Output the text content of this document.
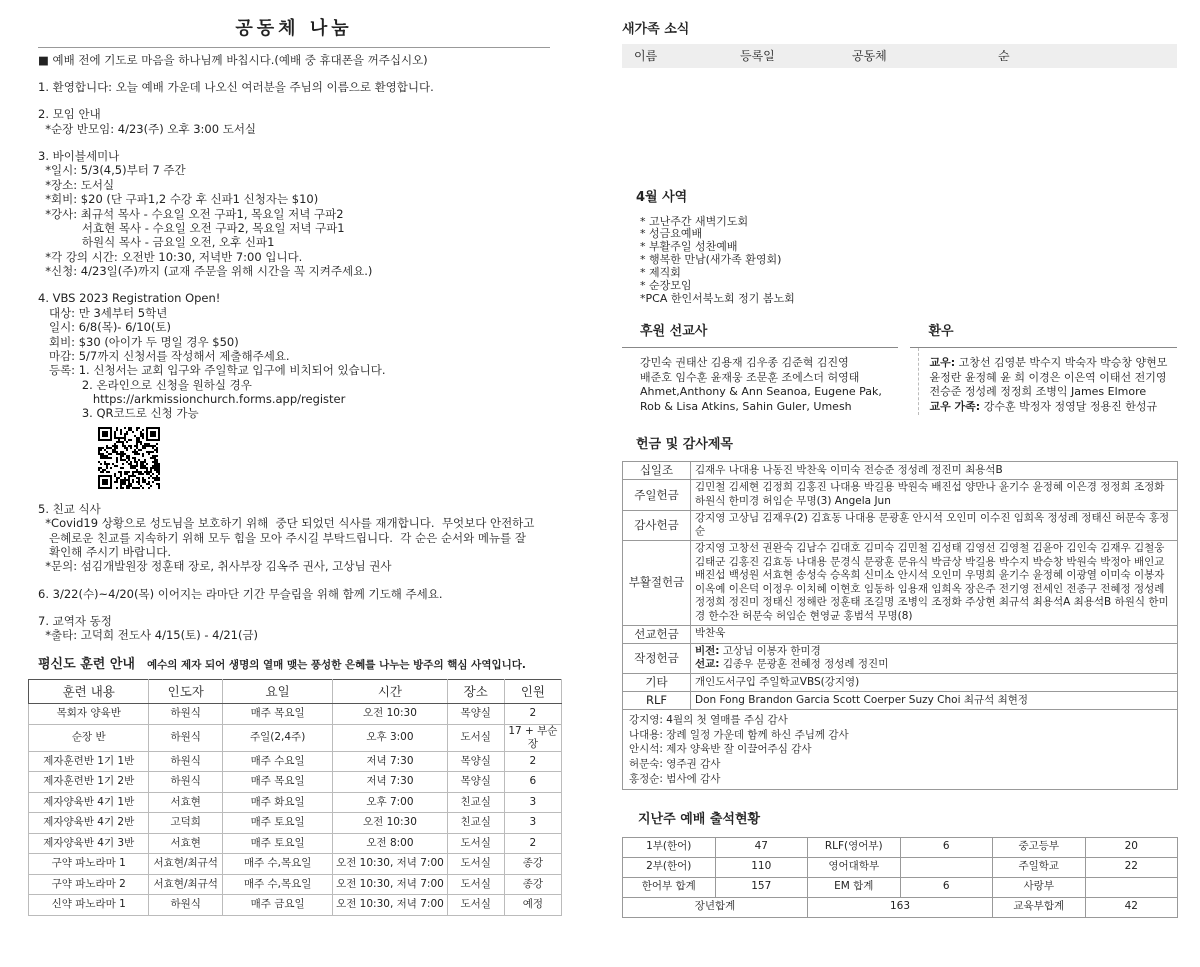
공동체 나눔
■ 예배 전에 기도로 마음을 하나님께 바칩시다.(예배 중 휴대폰을 꺼주십시오)

1. 환영합니다: 오늘 예배 가운데 나오신 여러분을 주님의 이름으로 환영합니다.

2. 모임 안내

*순장 반모임: 4/23(주) 오후 3:00 도서실

3. 바이블세미나

*일시: 5/3(4,5)부터 7 주간

*장소: 도서실

*회비: $20 (단 구파1,2 수강 후 신파1 신청자는 $10)

*강사: 최규석 목사 - 수요일 오전 구파1, 목요일 저녁 구파2

서효현 목사 - 수요일 오전 구파2, 목요일 저녁 구파1

하원식 목사 - 금요일 오전, 오후 신파1

*각 강의 시간: 오전반 10:30, 저녁반 7:00 입니다.

*신청: 4/23일(주)까지 (교재 주문을 위해 시간을 꼭 지켜주세요.)

4. VBS 2023 Registration Open!

대상: 만 3세부터 5학년

일시: 6/8(목)- 6/10(토)

회비: $30 (아이가 두 명일 경우 $50)

마감: 5/7까지 신청서를 작성해서 제출해주세요.

등록: 1. 신청서는 교회 입구와 주일학교 입구에 비치되어 있습니다.

2. 온라인으로 신청을 원하실 경우

https://arkmissionchurch.forms.app/register

3. QR코드로 신청 가능

5. 친교 식사

*Covid19 상황으로 성도님을 보호하기 위해  중단 되었던 식사를 재개합니다.  무엇보다 안전하고

은혜로운 친교를 지속하기 위해 모두 힘을 모아 주시길 부탁드립니다.  각 순은 순서와 메뉴를 잘

확인해 주시기 바랍니다.

*문의: 섬김개발원장 정훈태 장로, 취사부장 김옥주 권사, 고상님 권사

6. 3/22(수)~4/20(목) 이어지는 라마단 기간 무슬림을 위해 함께 기도해 주세요.

7. 교역자 동정

*출타: 고덕희 전도사 4/15(토) - 4/21(금)

평신도 훈련 안내 예수의 제자 되어 생명의 열매 맺는 풍성한 은혜를 나누는 방주의 핵심 사역입니다.
훈련 내용	인도자	요일	시간	장소	인원
목회자 양육반	하원식	매주 목요일	오전 10:30	목양실	2
순장 반	하원식	주일(2,4주)	오후 3:00	도서실	17 + 부순장
제자훈련반 1기 1반	하원식	매주 수요일	저녁 7:30	목양실	2
제자훈련반 1기 2반	하원식	매주 목요일	저녁 7:30	목양실	6
제자양육반 4기 1반	서효현	매주 화요일	오후 7:00	친교실	3
제자양육반 4기 2반	고덕희	매주 토요일	오전 10:30	친교실	3
제자양육반 4기 3반	서효현	매주 토요일	오전 8:00	도서실	2
구약 파노라마 1	서효현/최규석	매주 수,목요일	오전 10:30, 저녁 7:00	도서실	종강
구약 파노라마 2	서효현/최규석	매주 수,목요일	오전 10:30, 저녁 7:00	도서실	종강
신약 파노라마 1	하원식	매주 금요일	오전 10:30, 저녁 7:00	도서실	예정
새가족 소식
이름	등록일	공동체	순
4월 사역
* 고난주간 새벽기도회
* 성금요예배
* 부활주일 성찬예배
* 행복한 만남(새가족 환영회)
* 제직회
* 순장모임
*PCA 한인서북노회 정기 봄노회
후원 선교사
강민숙 권태산 김용재 김우종 김준혁 김진영
배준호 임수훈 윤재웅 조문훈 조에스더 허영태
Ahmet,Anthony & Ann Seanoa, Eugene Pak,
Rob & Lisa Atkins, Sahin Guler, Umesh
환우
교우: 고창선 김영분 박수지 박숙자 박승창 양현모
윤정란 윤정혜 윤 희 이경은 이은역 이태선 전기영
전승준 정성례 정정희 조병익 James Elmore
교우 가족: 강수훈 박정자 정영달 정용진 한성규
헌금 및 감사제목
십일조	김재우 나대용 나동진 박찬욱 이미숙 전승준 정성례 정진미 최용석B
주일헌금	김민철 김세현 김정희 김홍진 나대용 박길용 박원숙 배진섭 양만나 윤기수 윤정혜 이은경 정정희 조정화 하원식 한미경 허임순 무명(3) Angela Jun
감사헌금	강지영 고상님 김재우(2) 김효동 나대용 문광훈 안시석 오인미 이수진 임희옥 정성례 정태신 허문숙 홍정순
부활절헌금	강지영 고창선 권완숙 김남수 김대호 김미숙 김민철 김성태 김영선 김영철 김윤아 김인숙 김재우 김철웅 김태군 김홍진 김효동 나대용 문경식 문광훈 문유식 박금상 박길용 박수지 박승창 박원숙 박정아 배인교 배진섭 백성원 서효현 송성숙 승옥희 신미소 안시석 오인미 우명희 윤기수 윤정혜 이광열 이미숙 이봉자 이옥예 이은덕 이정우 이치혜 이현호 임동하 임용재 임희옥 장은주 전기영 전세인 전종구 전혜정 정성례 정정희 정진미 정태신 정해란 정훈태 조길명 조병익 조정화 주상현 최규석 최용석A 최용석B 하원식 한미경 한수잔 허문숙 허임순 현영균 홍범석 무명(8)
선교헌금	박찬욱
작정헌금	비전: 고상님 이봉자 한미경
선교: 김종우 문광훈 전혜정 정성례 정진미

기타	개인도서구입 주일학교VBS(강지영)
RLF	Don Fong Brandon Garcia Scott Coerper Suzy Choi 최규석 최현정

강지영: 4월의 첫 열매를 주심 감사
나대용: 장례 일정 가운데 함께 하신 주님께 감사
안시석: 제자 양육반 잘 이끌어주심 감사
허문숙: 영주권 감사
홍정순: 범사에 감사	
지난주 예배 출석현황
1부(한어)	47	RLF(영어부)	6	중고등부	20
2부(한어)	110	영어대학부		주일학교	22
한어부 합계	157	EM 합계	6	사랑부	
장년합계		163		교육부합계	42
